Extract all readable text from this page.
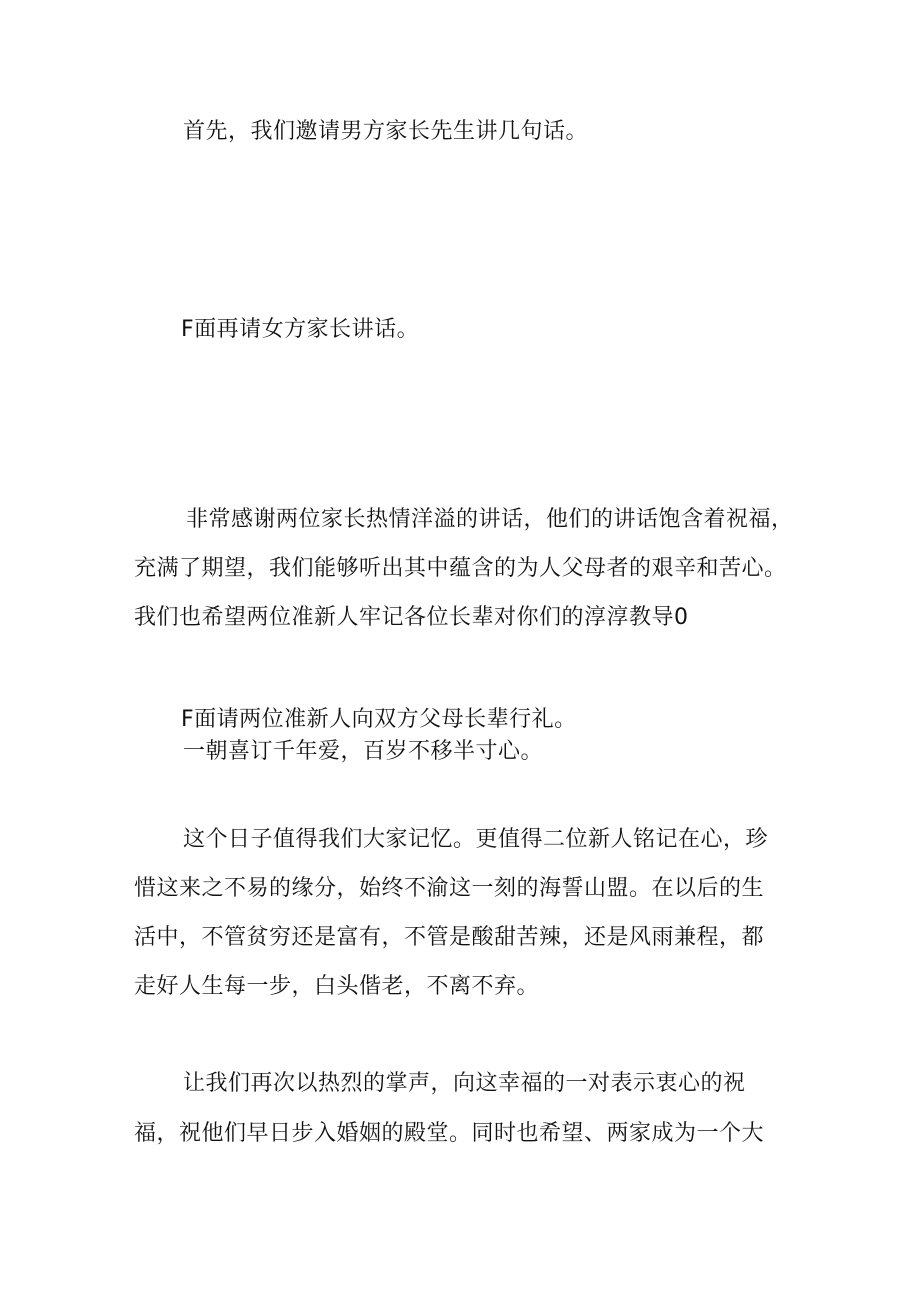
首先，我们邀请男方家长先生讲几句话。
F面再请女方家长讲话。
非常感谢两位家长热情洋溢的讲话，他们的讲话饱含着祝福，
充满了期望，我们能够听出其中蕴含的为人父母者的艰辛和苦心。
我们也希望两位准新人牢记各位长辈对你们的淳淳教导0
F面请两位准新人向双方父母长辈行礼。
一朝喜订千年爱，百岁不移半寸心。
这个日子值得我们大家记忆。更值得二位新人铭记在心，珍
惜这来之不易的缘分，始终不渝这一刻的海誓山盟。在以后的生
活中，不管贫穷还是富有，不管是酸甜苦辣，还是风雨兼程，都
走好人生每一步，白头偕老，不离不弃。
让我们再次以热烈的掌声，向这幸福的一对表示衷心的祝
福，祝他们早日步入婚姻的殿堂。同时也希望、两家成为一个大
